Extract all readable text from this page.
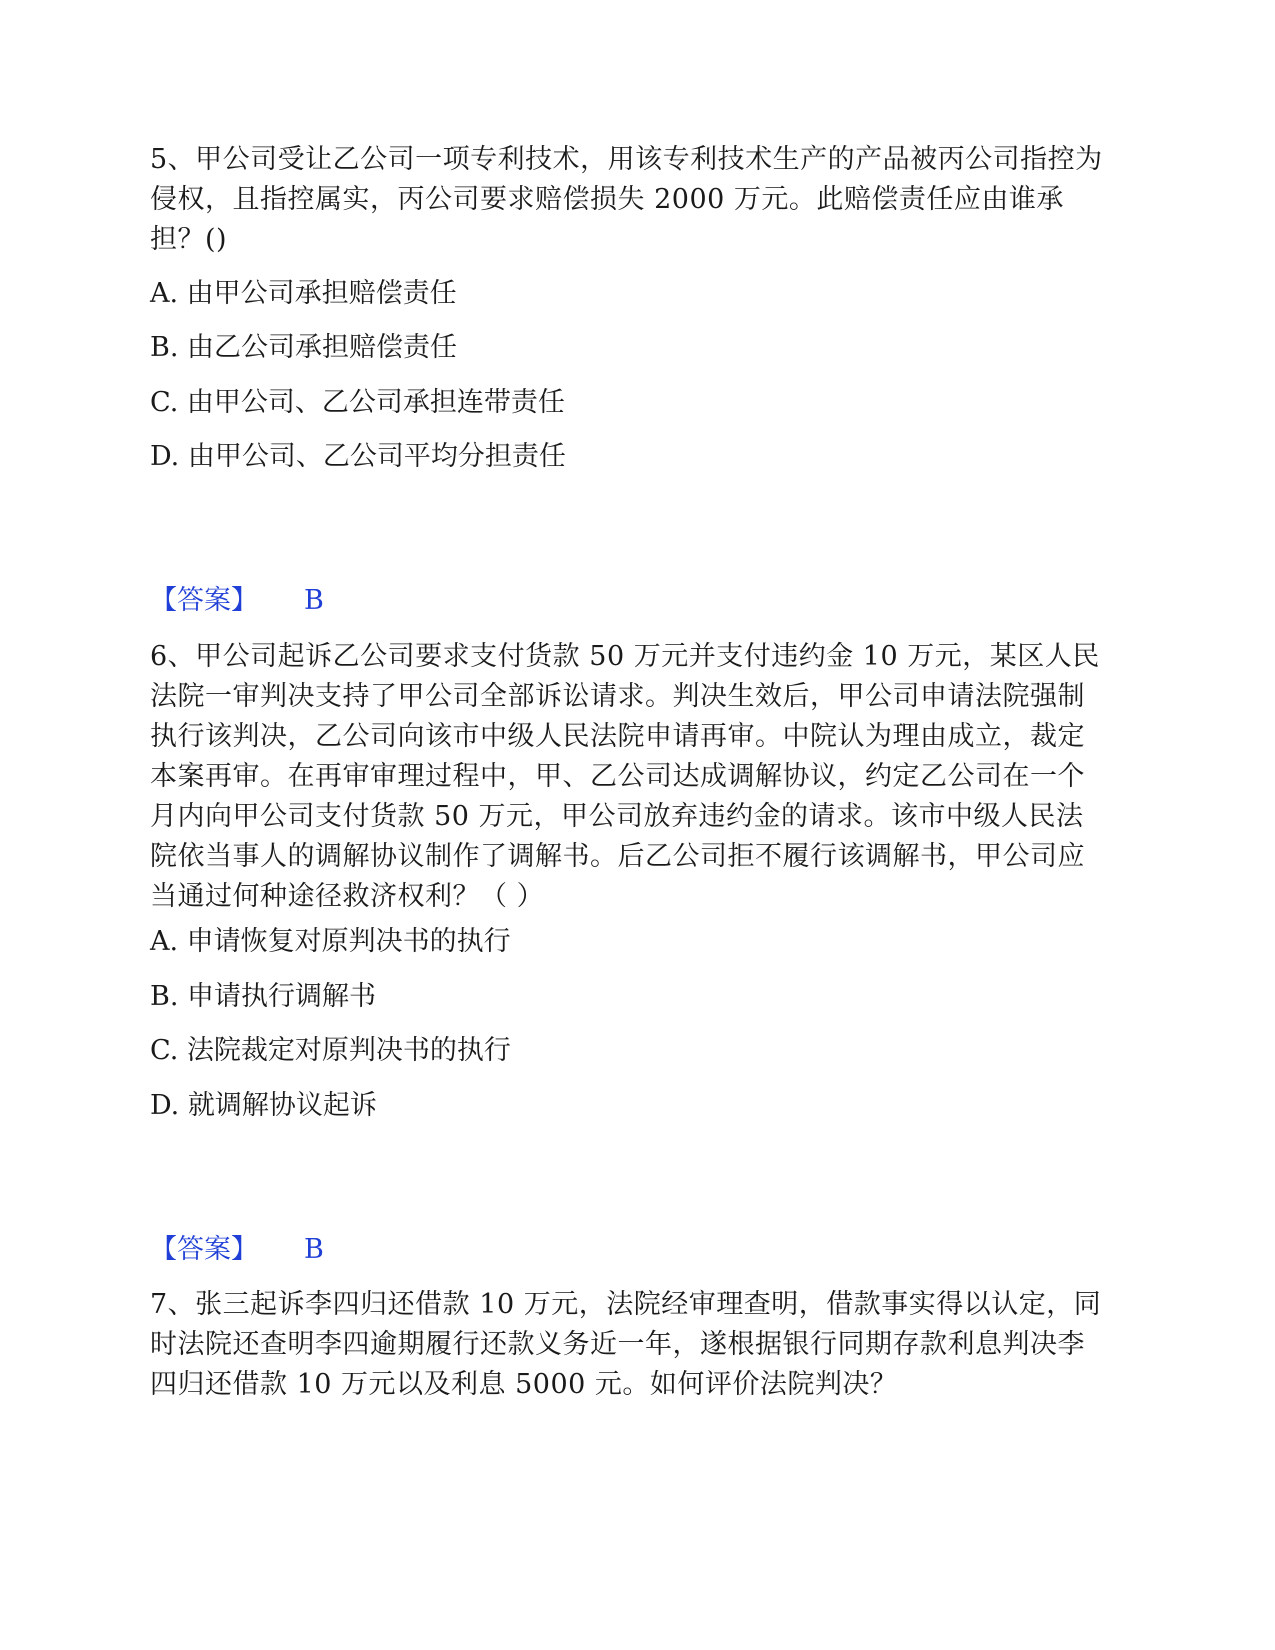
5、甲公司受让乙公司一项专利技术，用该专利技术生产的产品被丙公司指控为侵权，且指控属实，丙公司要求赔偿损失 2000 万元。此赔偿责任应由谁承担？()

A. 由甲公司承担赔偿责任

B. 由乙公司承担赔偿责任

C. 由甲公司、乙公司承担连带责任

D. 由甲公司、乙公司平均分担责任

【答案】 B

6、甲公司起诉乙公司要求支付货款 50 万元并支付违约金 10 万元，某区人民法院一审判决支持了甲公司全部诉讼请求。判决生效后，甲公司申请法院强制执行该判决，乙公司向该市中级人民法院申请再审。中院认为理由成立，裁定本案再审。在再审审理过程中，甲、乙公司达成调解协议，约定乙公司在一个月内向甲公司支付货款 50 万元，甲公司放弃违约金的请求。该市中级人民法院依当事人的调解协议制作了调解书。后乙公司拒不履行该调解书，甲公司应当通过何种途径救济权利？（ ）

A. 申请恢复对原判决书的执行

B. 申请执行调解书

C. 法院裁定对原判决书的执行

D. 就调解协议起诉

【答案】 B

7、张三起诉李四归还借款 10 万元，法院经审理查明，借款事实得以认定，同时法院还查明李四逾期履行还款义务近一年，遂根据银行同期存款利息判决李四归还借款 10 万元以及利息 5000 元。如何评价法院判决？
